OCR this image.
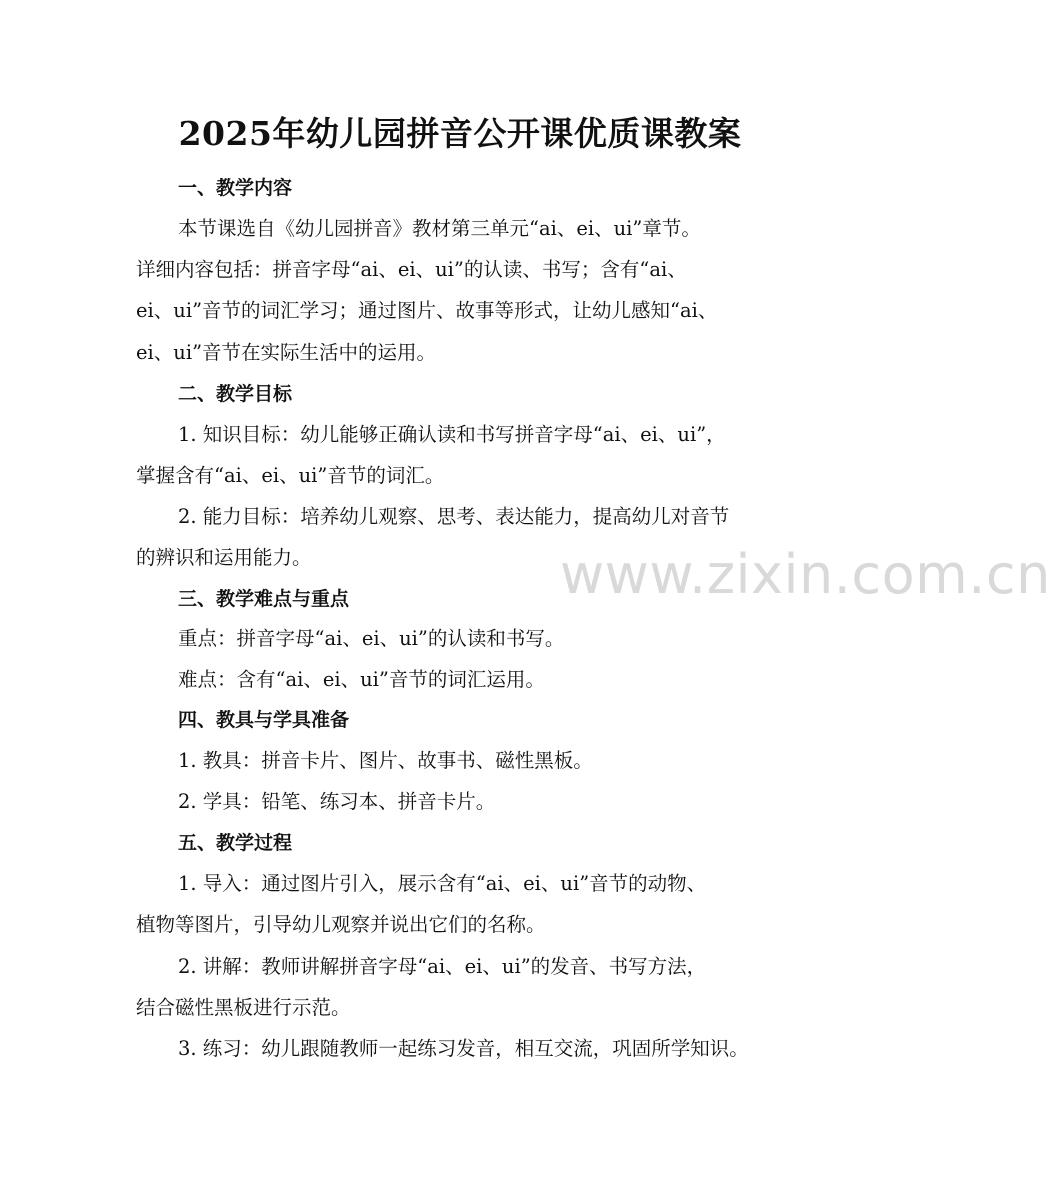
2025年幼儿园拼音公开课优质课教案
www.zixin.com.cn
一、教学内容
本节课选自《幼儿园拼音》教材第三单元“ai、ei、ui”章节。
详细内容包括：拼音字母“ai、ei、ui”的认读、书写；含有“ai、
ei、ui”音节的词汇学习；通过图片、故事等形式，让幼儿感知“ai、
ei、ui”音节在实际生活中的运用。
二、教学目标
1. 知识目标：幼儿能够正确认读和书写拼音字母“ai、ei、ui”，
掌握含有“ai、ei、ui”音节的词汇。
2. 能力目标：培养幼儿观察、思考、表达能力，提高幼儿对音节
的辨识和运用能力。
三、教学难点与重点
重点：拼音字母“ai、ei、ui”的认读和书写。
难点：含有“ai、ei、ui”音节的词汇运用。
四、教具与学具准备
1. 教具：拼音卡片、图片、故事书、磁性黑板。
2. 学具：铅笔、练习本、拼音卡片。
五、教学过程
1. 导入：通过图片引入，展示含有“ai、ei、ui”音节的动物、
植物等图片，引导幼儿观察并说出它们的名称。
2. 讲解：教师讲解拼音字母“ai、ei、ui”的发音、书写方法，
结合磁性黑板进行示范。
3. 练习：幼儿跟随教师一起练习发音，相互交流，巩固所学知识。
